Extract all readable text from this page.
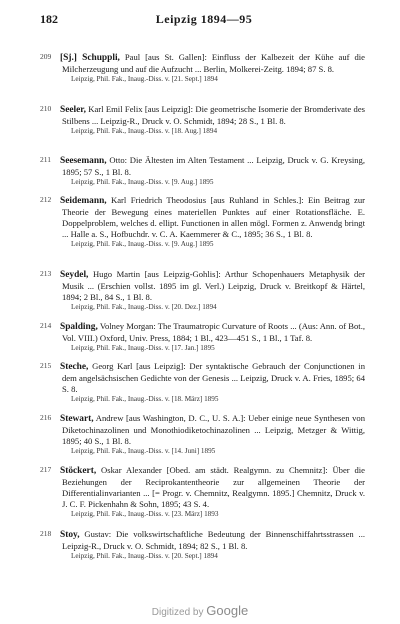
182	Leipzig 1894—95
209 [Sj.] Schuppli, Paul [aus St. Gallen]: Einfluss der Kalbezeit der Kühe auf die Milcherzeugung und auf die Aufzucht ... Berlin, Molkerei-Zeitg. 1894; 87 S. 8.
Leipzig, Phil. Fak., Inaug.-Diss. v. [21. Sept.] 1894
210 Seeler, Karl Emil Felix [aus Leipzig]: Die geometrische Isomerie der Bromderivate des Stilbens ... Leipzig-R., Druck v. O. Schmidt, 1894; 28 S., 1 Bl. 8.
Leipzig, Phil. Fak., Inaug.-Diss. v. [18. Aug.] 1894
211 Seesemann, Otto: Die Ältesten im Alten Testament ... Leipzig, Druck v. G. Kreysing, 1895; 57 S., 1 Bl. 8.
Leipzig, Phil. Fak., Inaug.-Diss. v. [9. Aug.] 1895
212 Seidemann, Karl Friedrich Theodosius [aus Ruhland in Schles.]: Ein Beitrag zur Theorie der Bewegung eines materiellen Punktes auf einer Rotationsfläche. E. Doppelproblem, welches d. ellipt. Functionen in allen mögl. Formen z. Anwendg bringt ... Halle a. S., Hofbuchdr. v. C. A. Kaemmerer & C., 1895; 36 S., 1 Bl. 8.
Leipzig, Phil. Fak., Inaug.-Diss. v. [9. Aug.] 1895
213 Seydel, Hugo Martin [aus Leipzig-Gohlis]: Arthur Schopenhauers Metaphysik der Musik ... (Erschien vollst. 1895 im gl. Verl.) Leipzig, Druck v. Breitkopf & Härtel, 1894; 2 Bl., 84 S., 1 Bl. 8.
Leipzig, Phil. Fak., Inaug.-Diss. v. [20. Dez.] 1894
214 Spalding, Volney Morgan: The Traumatropic Curvature of Roots ... (Aus: Ann. of Bot., Vol. VIII.) Oxford, Univ. Press, 1884; 1 Bl., 423—451 S., 1 Bl., 1 Taf. 8.
Leipzig, Phil. Fak., Inaug.-Diss. v. [17. Jan.] 1895
215 Steche, Georg Karl [aus Leipzig]: Der syntaktische Gebrauch der Conjunctionen in dem angelsächsischen Gedichte von der Genesis ... Leipzig, Druck v. A. Fries, 1895; 64 S. 8.
Leipzig, Phil. Fak., Inaug.-Diss. v. [18. März] 1895
216 Stewart, Andrew [aus Washington, D. C., U. S. A.]: Ueber einige neue Synthesen von Diketochinazolinen und Monothiodiketochinazolinen ... Leipzig, Metzger & Wittig, 1895; 40 S., 1 Bl. 8.
Leipzig, Phil. Fak., Inaug.-Diss. v. [14. Juni] 1895
217 Stöckert, Oskar Alexander [Obed. am städt. Realgymn. zu Chemnitz]: Über die Beziehungen der Reciprokantentheorie zur allgemeinen Theorie der Differentialinvarianten ... [= Progr. v. Chemnitz, Realgymn. 1895.] Chemnitz, Druck v. J. C. F. Pickenhahn & Sohn, 1895; 43 S. 4.
Leipzig, Phil. Fak., Inaug.-Diss. v. [23. März] 1893
218 Stoy, Gustav: Die volkswirtschaftliche Bedeutung der Binnenschiffahrtsstrassen ... Leipzig-R., Druck v. O. Schmidt, 1894; 82 S., 1 Bl. 8.
Leipzig, Phil. Fak., Inaug.-Diss. v. [20. Sept.] 1894
Digitized by Google
